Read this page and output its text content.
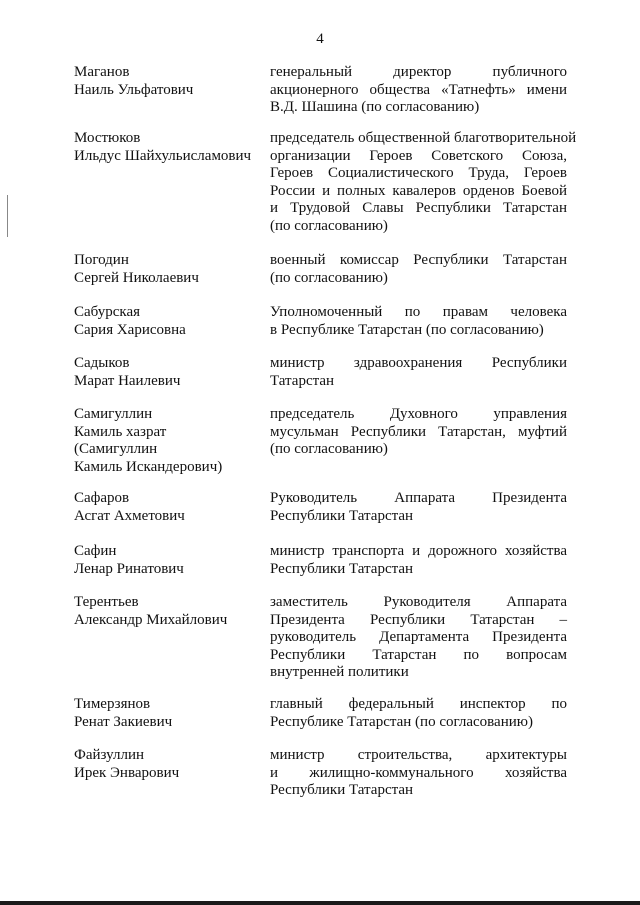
4
Маганов
Наиль Ульфатович
генеральный директор публичного
акционерного общества «Татнефть» имени
В.Д. Шашина (по согласованию)
Мостюков
Ильдус Шайхульисламович
председатель общественной благотворительной
организации Героев Советского Союза,
Героев Социалистического Труда, Героев
России и полных кавалеров орденов Боевой
и Трудовой Славы Республики Татарстан
(по согласованию)
Погодин
Сергей Николаевич
военный комиссар Республики Татарстан
(по согласованию)
Сабурская
Сария Харисовна
Уполномоченный по правам человека
в Республике Татарстан (по согласованию)
Садыков
Марат Наилевич
министр здравоохранения Республики
Татарстан
Самигуллин
Камиль хазрат
(Самигуллин
Камиль Искандерович)
председатель Духовного управления
мусульман Республики Татарстан, муфтий
(по согласованию)
Сафаров
Асгат Ахметович
Руководитель Аппарата Президента
Республики Татарстан
Сафин
Ленар Ринатович
министр транспорта и дорожного хозяйства
Республики Татарстан
Терентьев
Александр Михайлович
заместитель Руководителя Аппарата
Президента Республики Татарстан –
руководитель Департамента Президента
Республики Татарстан по вопросам
внутренней политики
Тимерзянов
Ренат Закиевич
главный федеральный инспектор по
Республике Татарстан (по согласованию)
Файзуллин
Ирек Энварович
министр строительства, архитектуры
и жилищно-коммунального хозяйства
Республики Татарстан
